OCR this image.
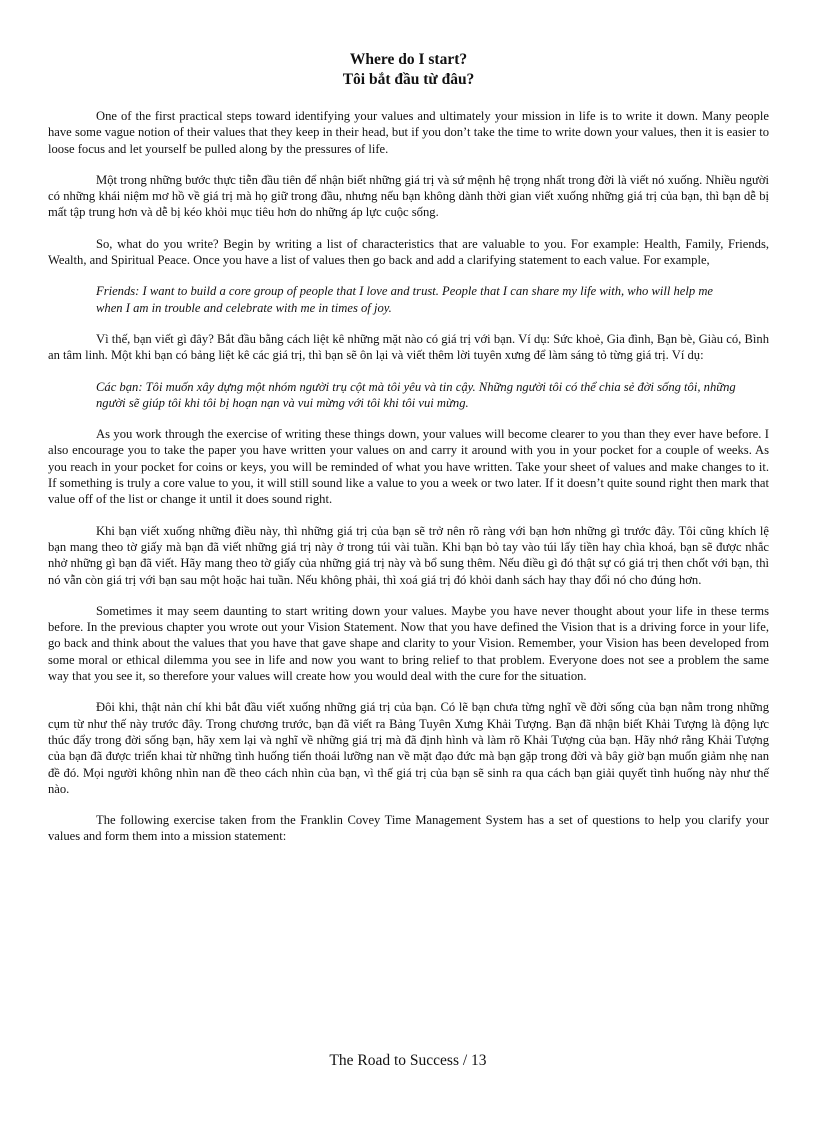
Where do I start?
Tôi bắt đầu từ đâu?

One of the first practical steps toward identifying your values and ultimately your mission in life is to write it down. Many people have some vague notion of their values that they keep in their head, but if you don’t take the time to write down your values, then it is easier to loose focus and let yourself be pulled along by the pressures of life.

Một trong những bước thực tiễn đầu tiên để nhận biết những giá trị và sứ mệnh hệ trọng nhất trong đời là viết nó xuống. Nhiều người có những khái niệm mơ hồ về giá trị mà họ giữ trong đầu, nhưng nếu bạn không dành thời gian viết xuống những giá trị của bạn, thì bạn dễ bị mất tập trung hơn và dễ bị kéo khỏi mục tiêu hơn do những áp lực cuộc sống.

So, what do you write? Begin by writing a list of characteristics that are valuable to you. For example: Health, Family, Friends, Wealth, and Spiritual Peace. Once you have a list of values then go back and add a clarifying statement to each value. For example,

Friends: I want to build a core group of people that I love and trust. People that I can share my life with, who will help me when I am in trouble and celebrate with me in times of joy.

Vì thế, bạn viết gì đây? Bắt đầu bằng cách liệt kê những mặt nào có giá trị với bạn. Ví dụ: Sức khoẻ, Gia đình, Bạn bè, Giàu có, Bình an tâm linh. Một khi bạn có bảng liệt kê các giá trị, thì bạn sẽ ôn lại và viết thêm lời tuyên xưng để làm sáng tỏ từng giá trị. Ví dụ:

Các bạn: Tôi muốn xây dựng một nhóm người trụ cột mà tôi yêu và tin cậy. Những người tôi có thể chia sẻ đời sống tôi, những người sẽ giúp tôi khi tôi bị hoạn nạn và vui mừng với tôi khi tôi vui mừng.

As you work through the exercise of writing these things down, your values will become clearer to you than they ever have before. I also encourage you to take the paper you have written your values on and carry it around with you in your pocket for a couple of weeks. As you reach in your pocket for coins or keys, you will be reminded of what you have written. Take your sheet of values and make changes to it. If something is truly a core value to you, it will still sound like a value to you a week or two later. If it doesn’t quite sound right then mark that value off of the list or change it until it does sound right.

Khi bạn viết xuống những điều này, thì những giá trị của bạn sẽ trở nên rõ ràng với bạn hơn những gì trước đây. Tôi cũng khích lệ bạn mang theo tờ giấy mà bạn đã viết những giá trị này ở trong túi vài tuần. Khi bạn bỏ tay vào túi lấy tiền hay chìa khoá, bạn sẽ được nhắc nhở những gì bạn đã viết. Hãy mang theo tờ giấy của những giá trị này và bổ sung thêm. Nếu điều gì đó thật sự có giá trị then chốt với bạn, thì nó vẫn còn giá trị với bạn sau một hoặc hai tuần. Nếu không phải, thì xoá giá trị đó khỏi danh sách hay thay đổi nó cho đúng hơn.

Sometimes it may seem daunting to start writing down your values. Maybe you have never thought about your life in these terms before. In the previous chapter you wrote out your Vision Statement. Now that you have defined the Vision that is a driving force in your life, go back and think about the values that you have that gave shape and clarity to your Vision. Remember, your Vision has been developed from some moral or ethical dilemma you see in life and now you want to bring relief to that problem. Everyone does not see a problem the same way that you see it, so therefore your values will create how you would deal with the cure for the situation.

Đôi khi, thật nản chí khi bắt đầu viết xuống những giá trị của bạn. Có lẽ bạn chưa từng nghĩ về đời sống của bạn nằm trong những cụm từ như thế này trước đây. Trong chương trước, bạn đã viết ra Bảng Tuyên Xưng Khải Tượng. Bạn đã nhận biết Khải Tượng là động lực thúc đẩy trong đời sống bạn, hãy xem lại và nghĩ về những giá trị mà đã định hình và làm rõ Khải Tượng của bạn. Hãy nhớ rằng Khải Tượng của bạn đã được triển khai từ những tình huống tiến thoái lưỡng nan về mặt đạo đức mà bạn gặp trong đời và bây giờ bạn muốn giảm nhẹ nan đề đó. Mọi người không nhìn nan đề theo cách nhìn của bạn, vì thế giá trị của bạn sẽ sinh ra qua cách bạn giải quyết tình huống này như thế nào.

The following exercise taken from the Franklin Covey Time Management System has a set of questions to help you clarify your values and form them into a mission statement:

The Road to Success / 13
